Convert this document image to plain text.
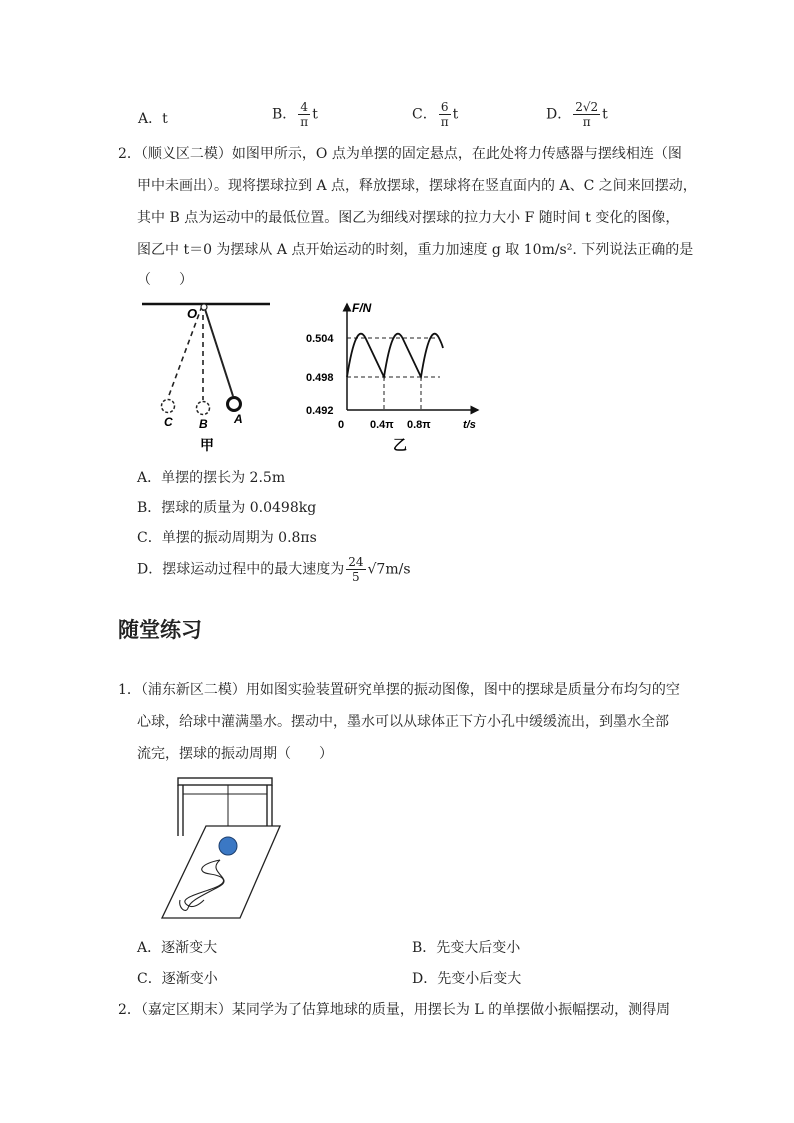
A．t	B． $\frac{4}{\pi}$ t	C． $\frac{6}{\pi}$ t	D． $\frac{2√2}{\pi}$ t
2．（顺义区二模）如图甲所示，O 点为单摆的固定悬点，在此处将力传感器与摆线相连（图
甲中未画出）。现将摆球拉到 A 点，释放摆球，摆球将在竖直面内的 A、C 之间来回摆动，
其中 B 点为运动中的最低位置。图乙为细线对摆球的拉力大小 F 随时间 t 变化的图像，
图乙中 t＝0 为摆球从 A 点开始运动的时刻，重力加速度 g 取 10m/s². 下列说法正确的是
（　　）
O
C B A
甲
F/N
0.504
0.498
0.492
0 0.4π 0.8π	t/s
乙
A．单摆的摆长为 2.5m
B．摆球的质量为 0.0498kg
C．单摆的振动周期为 0.8πs
D．摆球运动过程中的最大速度为 $\frac{24}{5} √7m/s$
随堂练习
1．（浦东新区二模）用如图实验装置研究单摆的振动图像，图中的摆球是质量分布均匀的空
心球，给球中灌满墨水。摆动中，墨水可以从球体正下方小孔中缓缓流出，到墨水全部
流完，摆球的振动周期（　　）
A．逐渐变大	B．先变大后变小
C．逐渐变小	D．先变小后变大
2．（嘉定区期末）某同学为了估算地球的质量，用摆长为 L 的单摆做小振幅摆动，测得周
